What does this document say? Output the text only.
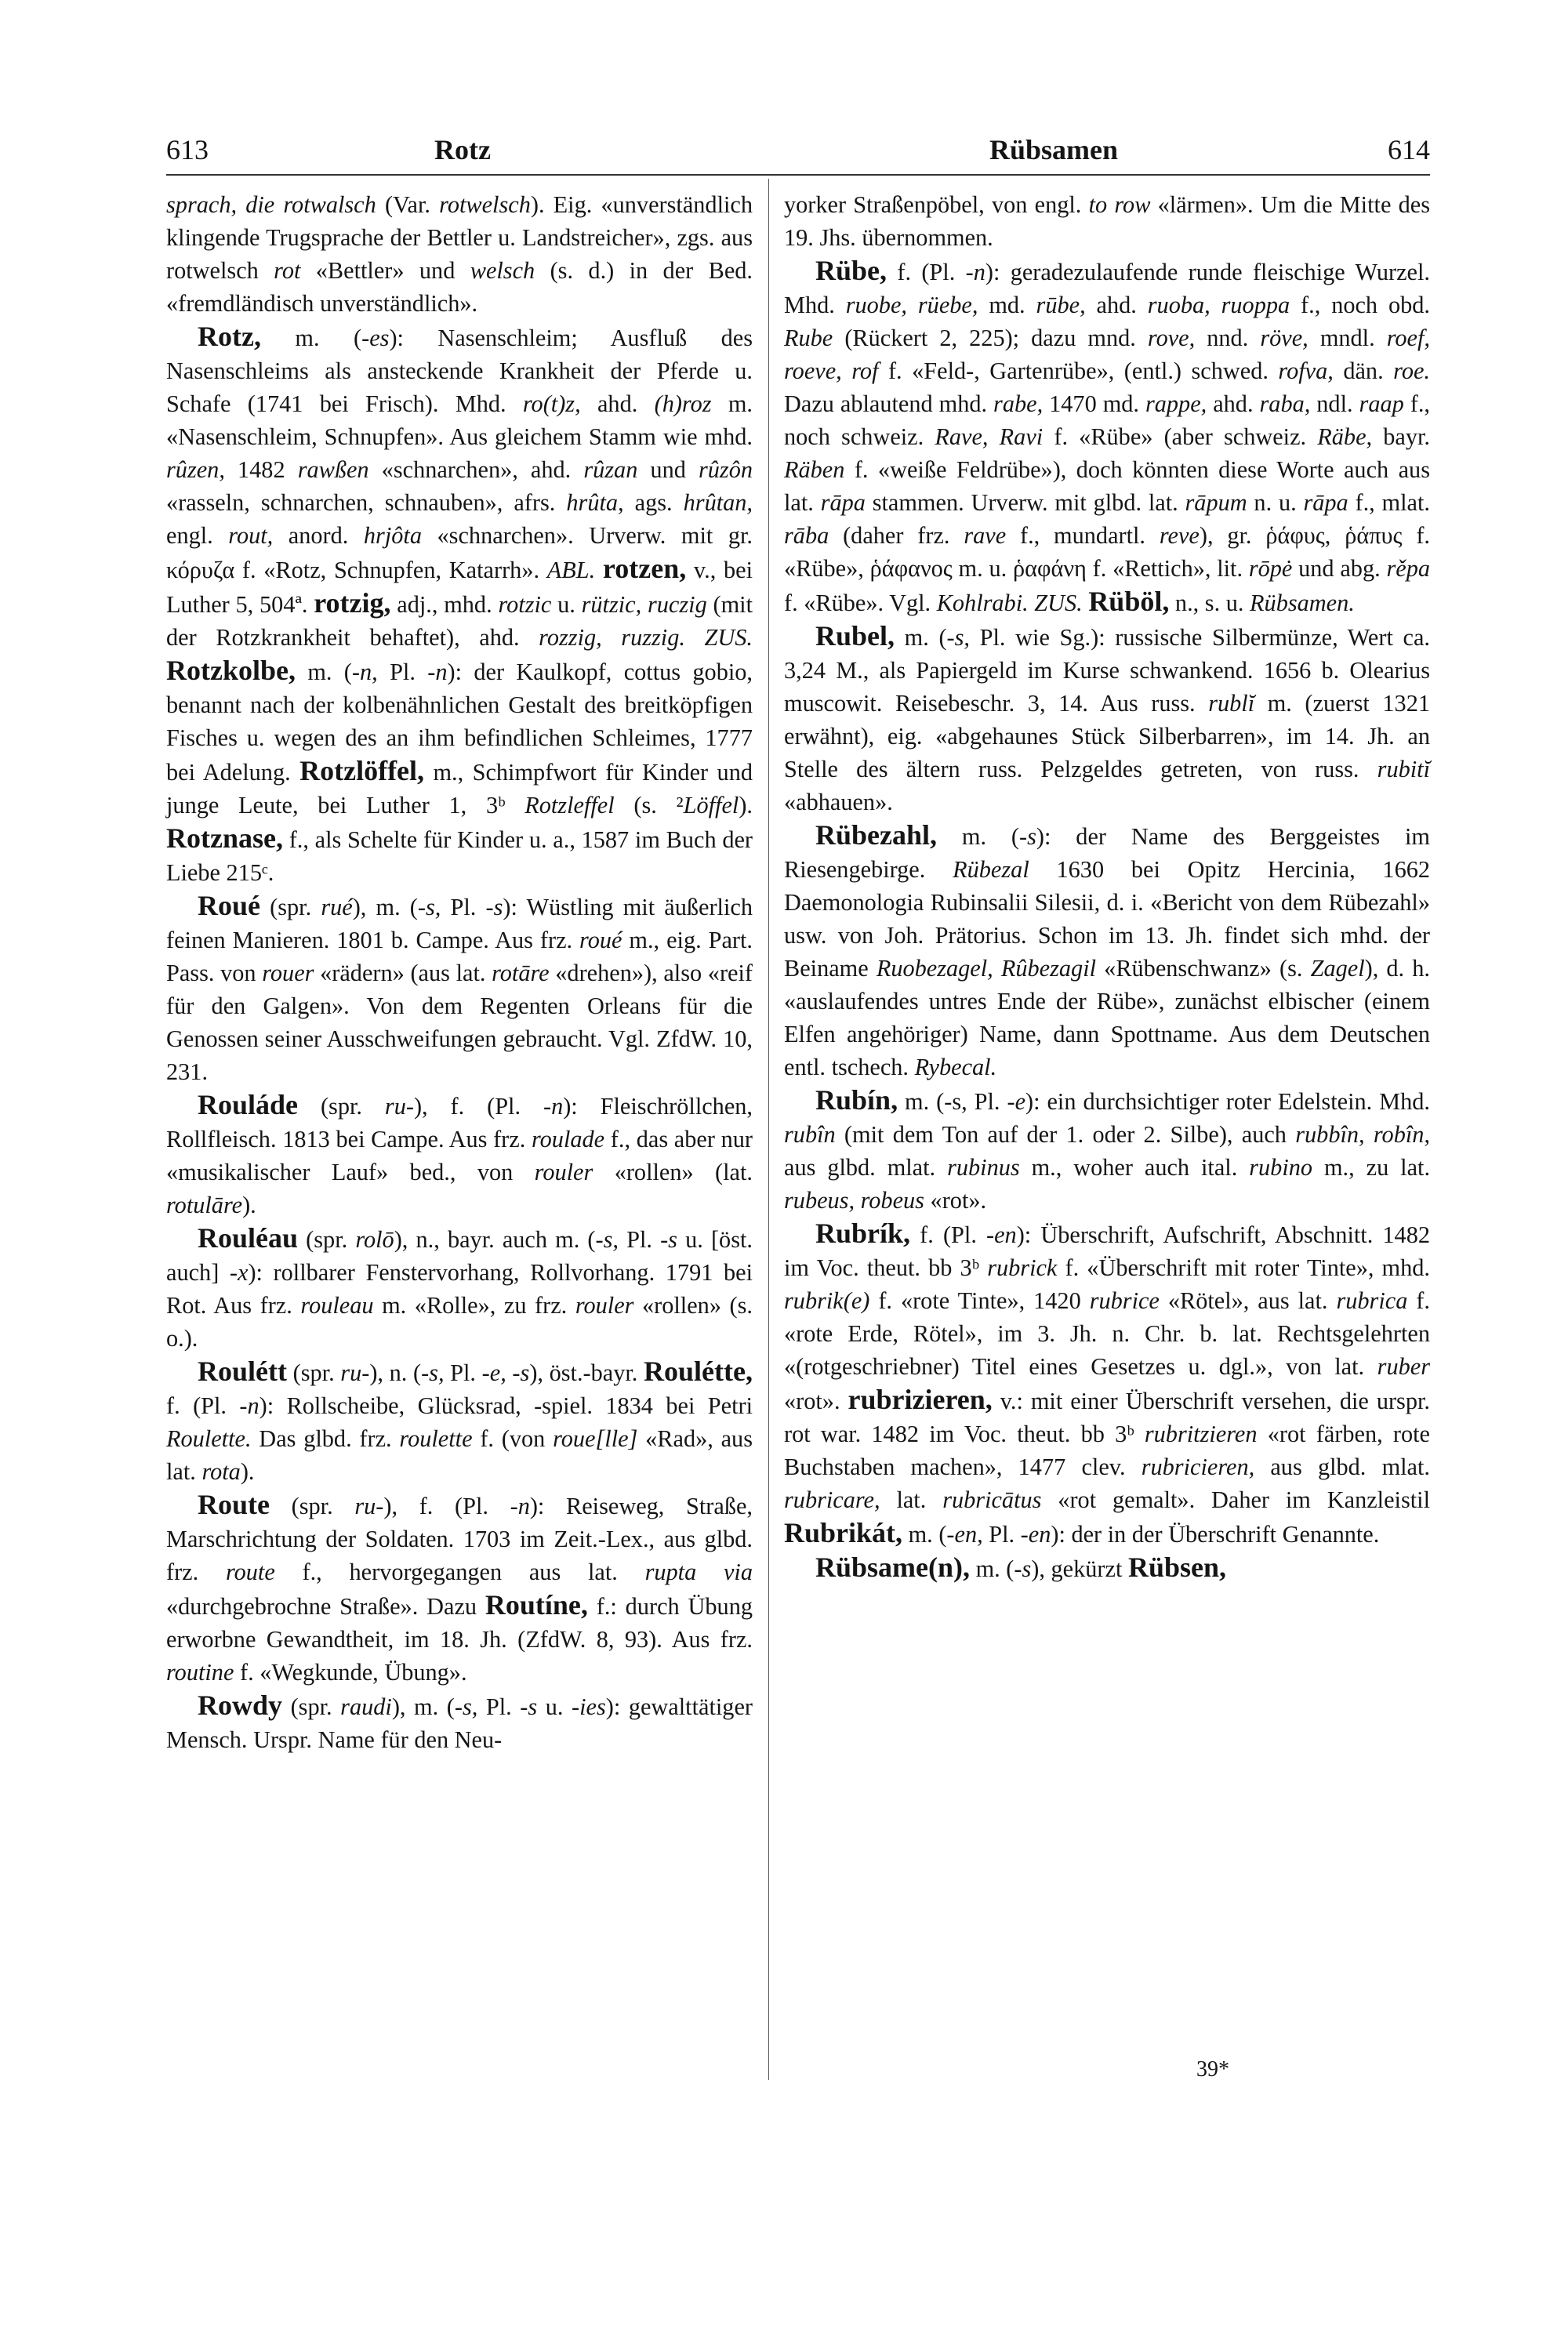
613	Rotz	Rübsamen	614

sprach, die rotwalsch (Var. rotwelsch). Eig. «unverständlich klingende Trugsprache der Bettler u. Landstreicher», zgs. aus rotwelsch rot «Bettler» und welsch (s. d.) in der Bed. «fremdländisch unverständlich».

Rotz, m. (-es): Nasenschleim; Ausfluß des Nasenschleims als ansteckende Krankheit der Pferde u. Schafe (1741 bei Frisch). Mhd. ro(t)z, ahd. (h)roz m. «Nasenschleim, Schnupfen». Aus gleichem Stamm wie mhd. rûzen, 1482 rawßen «schnarchen», ahd. rûzan und rûzôn «rasseln, schnarchen, schnauben», afrs. hrûta, ags. hrûtan, engl. rout, anord. hrjôta «schnarchen». Urverw. mit gr. κόρυζα f. «Rotz, Schnupfen, Katarrh». ABL. rotzen, v., bei Luther 5, 504ª. rotzig, adj., mhd. rotzic u. rützic, ruczig (mit der Rotzkrankheit behaftet), ahd. rozzig, ruzzig. ZUS. Rotzkolbe, m. (-n, Pl. -n): der Kaulkopf, cottus gobio, benannt nach der kolbenähnlichen Gestalt des breitköpfigen Fisches u. wegen des an ihm befindlichen Schleimes, 1777 bei Adelung. Rotzlöffel, m., Schimpfwort für Kinder und junge Leute, bei Luther 1, 3ᵇ Rotzleffel (s. ²Löffel). Rotznase, f., als Schelte für Kinder u. a., 1587 im Buch der Liebe 215ᶜ.

Roué (spr. rué), m. (-s, Pl. -s): Wüstling mit äußerlich feinen Manieren. 1801 b. Campe. Aus frz. roué m., eig. Part. Pass. von rouer «rädern» (aus lat. rotāre «drehen»), also «reif für den Galgen». Von dem Regenten Orleans für die Genossen seiner Ausschweifungen gebraucht. Vgl. ZfdW. 10, 231.

Rouláde (spr. ru-), f. (Pl. -n): Fleischröllchen, Rollfleisch. 1813 bei Campe. Aus frz. roulade f., das aber nur «musikalischer Lauf» bed., von rouler «rollen» (lat. rotulāre).

Rouléau (spr. rolō), n., bayr. auch m. (-s, Pl. -s u. [öst. auch] -x): rollbarer Fenstervorhang, Rollvorhang. 1791 bei Rot. Aus frz. rouleau m. «Rolle», zu frz. rouler «rollen» (s. o.).

Roulétt (spr. ru-), n. (-s, Pl. -e, -s), öst.-bayr. Roulétte, f. (Pl. -n): Rollscheibe, Glücksrad, -spiel. 1834 bei Petri Roulette. Das glbd. frz. roulette f. (von roue[lle] «Rad», aus lat. rota).

Route (spr. ru-), f. (Pl. -n): Reiseweg, Straße, Marschrichtung der Soldaten. 1703 im Zeit.-Lex., aus glbd. frz. route f., hervorgegangen aus lat. rupta via «durchgebrochne Straße». Dazu Routíne, f.: durch Übung erworbne Gewandtheit, im 18. Jh. (ZfdW. 8, 93). Aus frz. routine f. «Wegkunde, Übung».

Rowdy (spr. raudi), m. (-s, Pl. -s u. -ies): gewalttätiger Mensch. Urspr. Name für den Neu-

yorker Straßenpöbel, von engl. to row «lärmen». Um die Mitte des 19. Jhs. übernommen.

Rübe, f. (Pl. -n): geradezulaufende runde fleischige Wurzel. Mhd. ruobe, rüebe, md. rūbe, ahd. ruoba, ruoppa f., noch obd. Rube (Rückert 2, 225); dazu mnd. rove, nnd. röve, mndl. roef, roeve, rof f. «Feld-, Gartenrübe», (entl.) schwed. rofva, dän. roe. Dazu ablautend mhd. rabe, 1470 md. rappe, ahd. raba, ndl. raap f., noch schweiz. Rave, Ravi f. «Rübe» (aber schweiz. Räbe, bayr. Räben f. «weiße Feldrübe»), doch könnten diese Worte auch aus lat. rāpa stammen. Urverw. mit glbd. lat. rāpum n. u. rāpa f., mlat. rāba (daher frz. rave f., mundartl. reve), gr. ῥάφυς, ῥάπυς f. «Rübe», ῥάφανος m. u. ῥαφάνη f. «Rettich», lit. rōpė und abg. rěpa f. «Rübe». Vgl. Kohlrabi. ZUS. Rüböl, n., s. u. Rübsamen.

Rubel, m. (-s, Pl. wie Sg.): russische Silbermünze, Wert ca. 3,24 M., als Papiergeld im Kurse schwankend. 1656 b. Olearius muscowit. Reisebeschr. 3, 14. Aus russ. rublĭ m. (zuerst 1321 erwähnt), eig. «abgehaunes Stück Silberbarren», im 14. Jh. an Stelle des ältern russ. Pelzgeldes getreten, von russ. rubitĭ «abhauen».

Rübezahl, m. (-s): der Name des Berggeistes im Riesengebirge. Rübezal 1630 bei Opitz Hercinia, 1662 Daemonologia Rubinsalii Silesii, d. i. «Bericht von dem Rübezahl» usw. von Joh. Prätorius. Schon im 13. Jh. findet sich mhd. der Beiname Ruobezagel, Rûbezagil «Rübenschwanz» (s. Zagel), d. h. «auslaufendes untres Ende der Rübe», zunächst elbischer (einem Elfen angehöriger) Name, dann Spottname. Aus dem Deutschen entl. tschech. Rybecal.

Rubín, m. (-s, Pl. -e): ein durchsichtiger roter Edelstein. Mhd. rubîn (mit dem Ton auf der 1. oder 2. Silbe), auch rubbîn, robîn, aus glbd. mlat. rubinus m., woher auch ital. rubino m., zu lat. rubeus, robeus «rot».

Rubrík, f. (Pl. -en): Überschrift, Aufschrift, Abschnitt. 1482 im Voc. theut. bb 3ᵇ rubrick f. «Überschrift mit roter Tinte», mhd. rubrik(e) f. «rote Tinte», 1420 rubrice «Rötel», aus lat. rubrica f. «rote Erde, Rötel», im 3. Jh. n. Chr. b. lat. Rechtsgelehrten «(rotgeschriebner) Titel eines Gesetzes u. dgl.», von lat. ruber «rot». rubrizieren, v.: mit einer Überschrift versehen, die urspr. rot war. 1482 im Voc. theut. bb 3ᵇ rubritzieren «rot färben, rote Buchstaben machen», 1477 clev. rubricieren, aus glbd. mlat. rubricare, lat. rubricātus «rot gemalt». Daher im Kanzleistil Rubrikát, m. (-en, Pl. -en): der in der Überschrift Genannte.

Rübsame(n), m. (-s), gekürzt Rübsen,

39*
